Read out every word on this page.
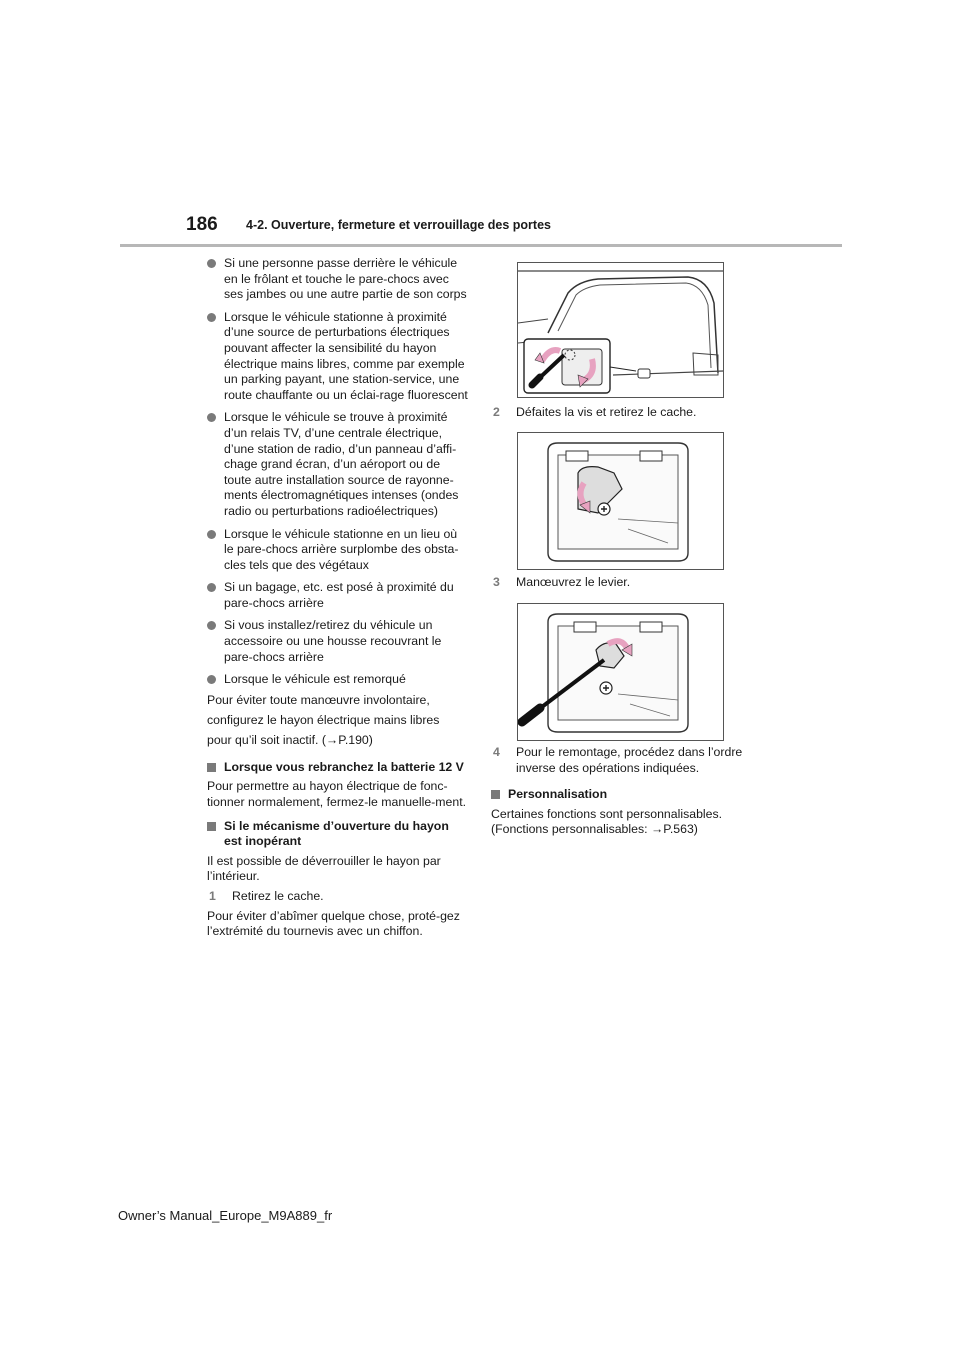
186 4-2. Ouverture, fermeture et verrouillage des portes
Si une personne passe derrière le véhicule en le frôlant et touche le pare-chocs avec ses jambes ou une autre partie de son corps
Lorsque le véhicule stationne à proximité d’une source de perturbations électriques pouvant affecter la sensibilité du hayon électrique mains libres, comme par exemple un parking payant, une station-service, une route chauffante ou un éclai-rage fluorescent
Lorsque le véhicule se trouve à proximité d’un relais TV, d’une centrale électrique, d’une station de radio, d’un panneau d’affi-chage grand écran, d’un aéroport ou de toute autre installation source de rayonne-ments électromagnétiques intenses (ondes radio ou perturbations radioélectriques)
Lorsque le véhicule stationne en un lieu où le pare-chocs arrière surplombe des obsta-cles tels que des végétaux
Si un bagage, etc. est posé à proximité du pare-chocs arrière
Si vous installez/retirez du véhicule un accessoire ou une housse recouvrant le pare-chocs arrière
Lorsque le véhicule est remorqué
Pour éviter toute manœuvre involontaire,
configurez le hayon électrique mains libres
pour qu’il soit inactif. (→P.190)
Lorsque vous rebranchez la batterie 12 V
Pour permettre au hayon électrique de fonc-tionner normalement, fermez-le manuelle-ment.
Si le mécanisme d’ouverture du hayon est inopérant
Il est possible de déverrouiller le hayon par l’intérieur.
1 Retirez le cache.
Pour éviter d’abîmer quelque chose, proté-gez l’extrémité du tournevis avec un chiffon.
2 Défaites la vis et retirez le cache.
3 Manœuvrez le levier.
4 Pour le remontage, procédez dans l’ordre inverse des opérations indiquées.
Personnalisation
Certaines fonctions sont personnalisables. (Fonctions personnalisables: →P.563)
Owner’s Manual_Europe_M9A889_fr
